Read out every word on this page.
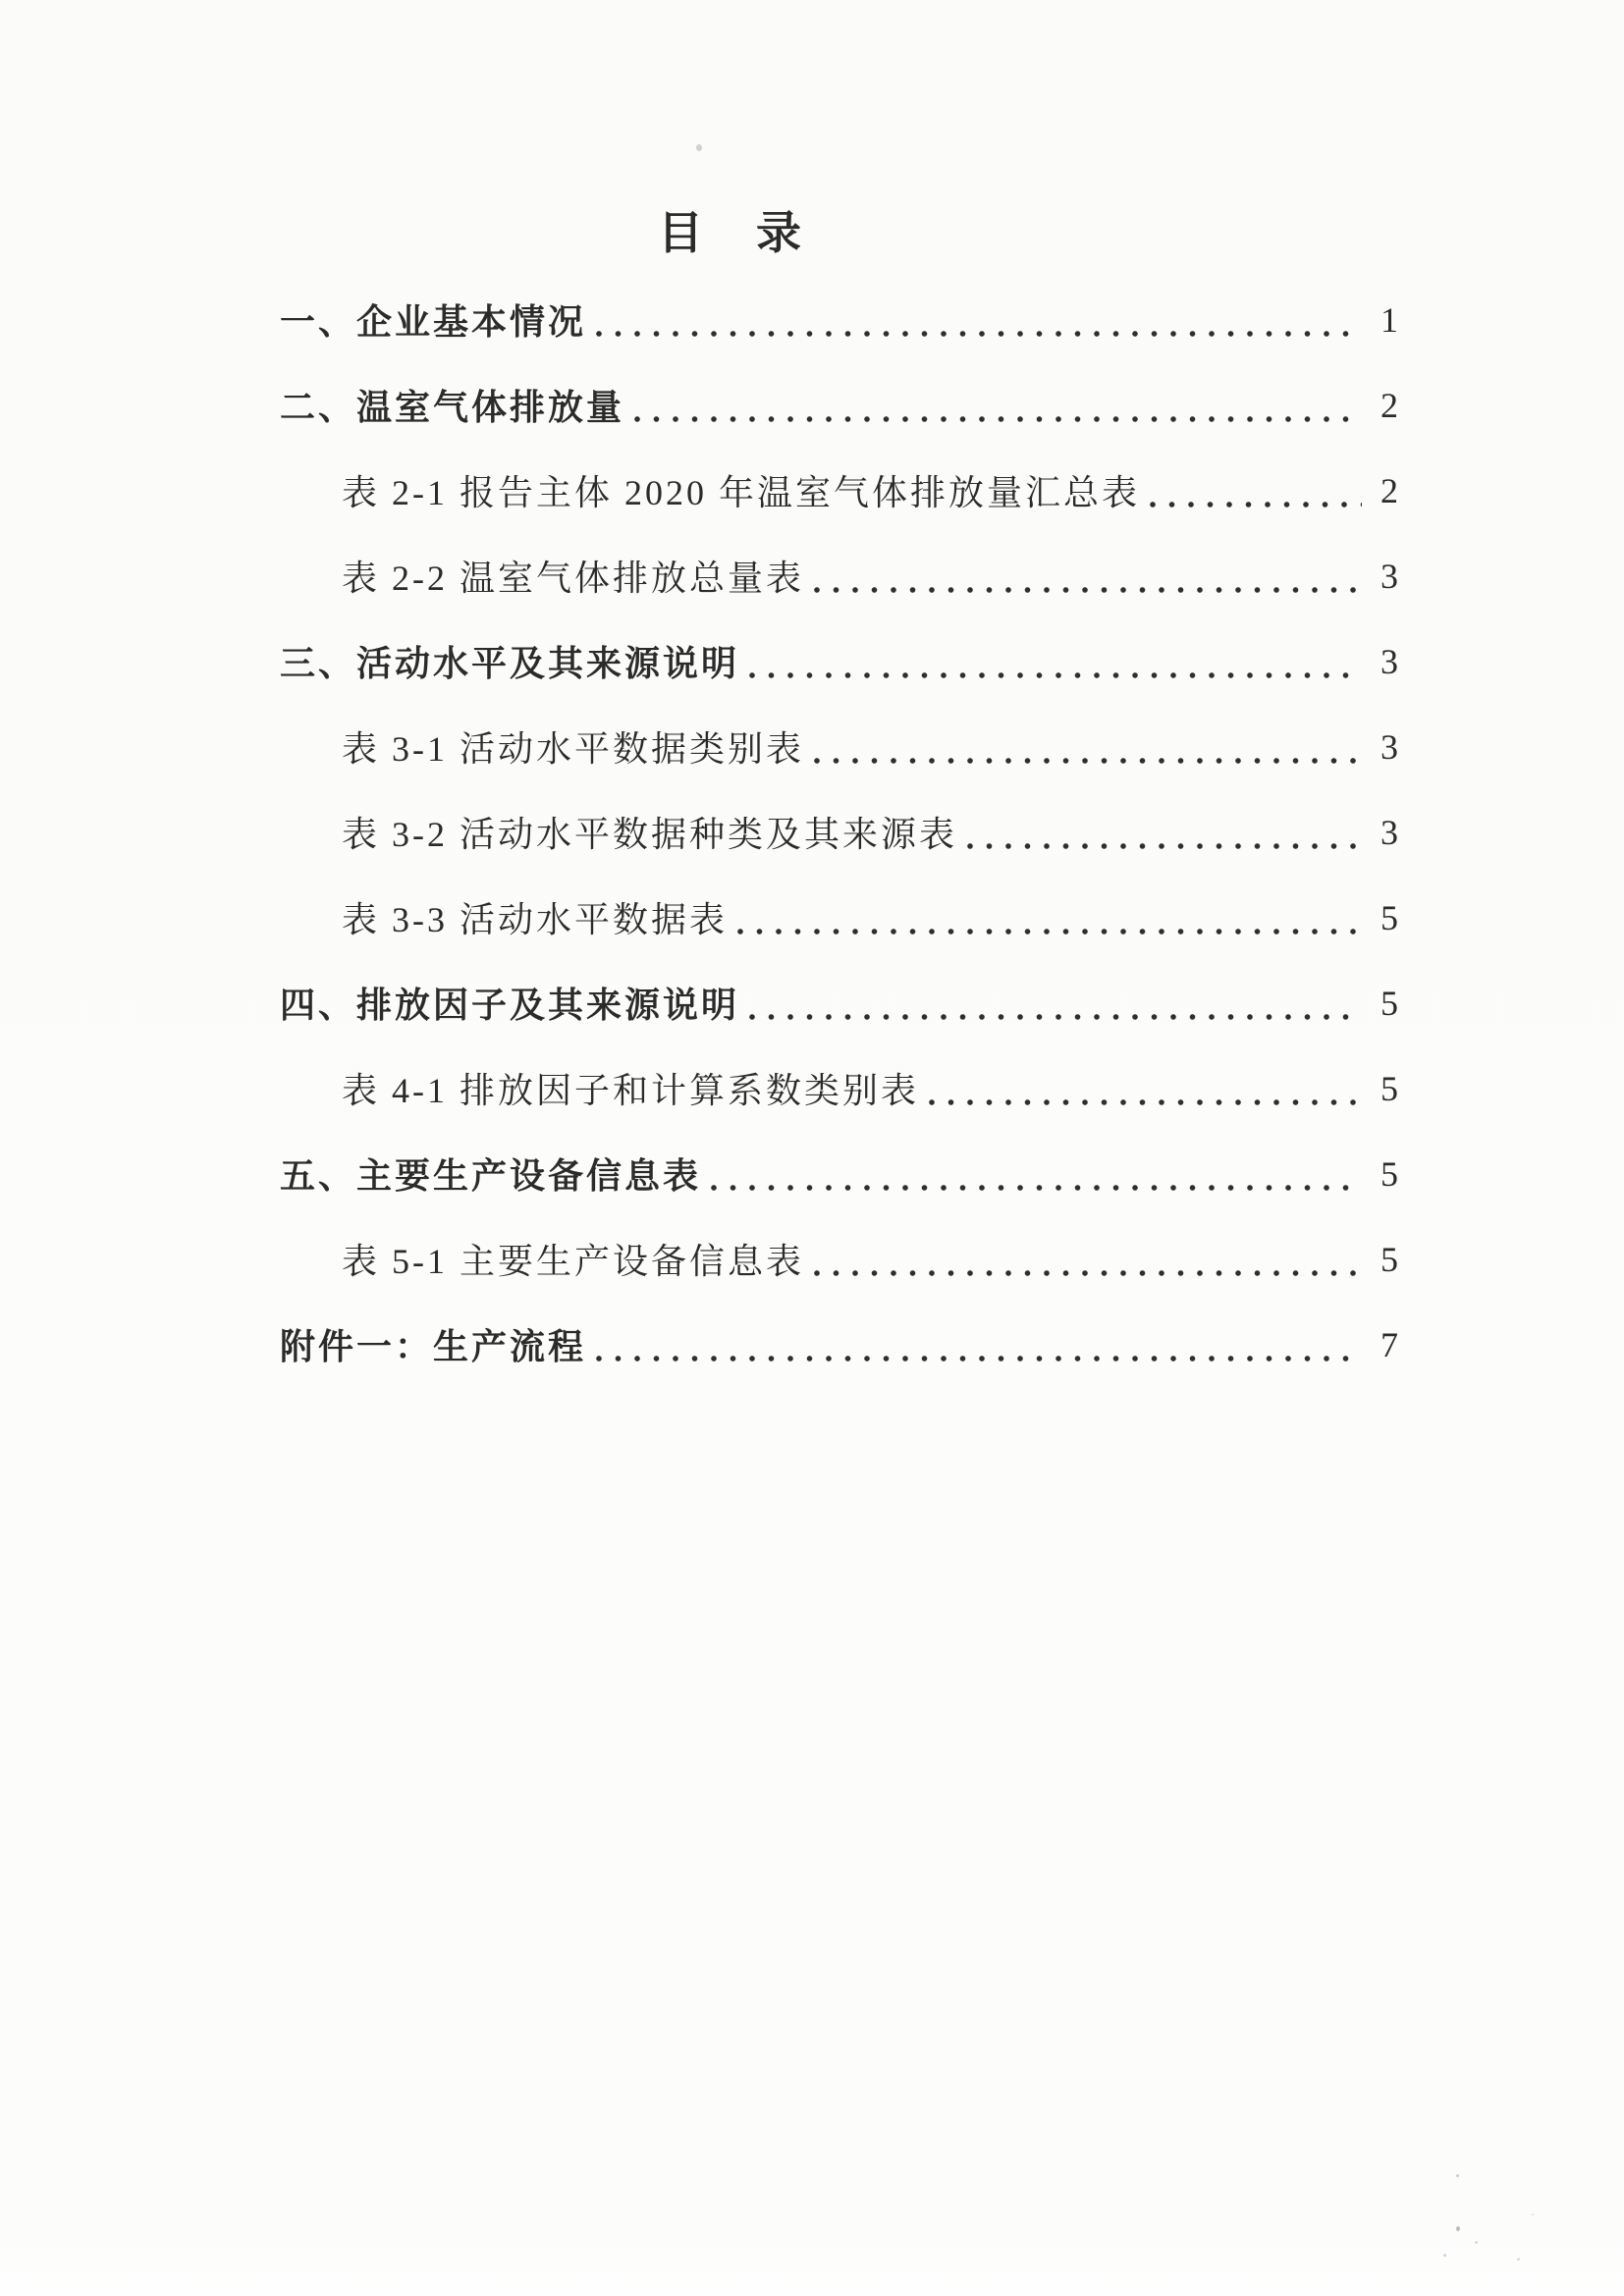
目　录
一、企业基本情况	1
二、温室气体排放量	2
表 2-1 报告主体 2020 年温室气体排放量汇总表	2
表 2-2 温室气体排放总量表	3
三、活动水平及其来源说明	3
表 3-1 活动水平数据类别表	3
表 3-2 活动水平数据种类及其来源表	3
表 3-3 活动水平数据表	5
四、排放因子及其来源说明	5
表 4-1 排放因子和计算系数类别表	5
五、主要生产设备信息表	5
表 5-1 主要生产设备信息表	5
附件一：生产流程	7
